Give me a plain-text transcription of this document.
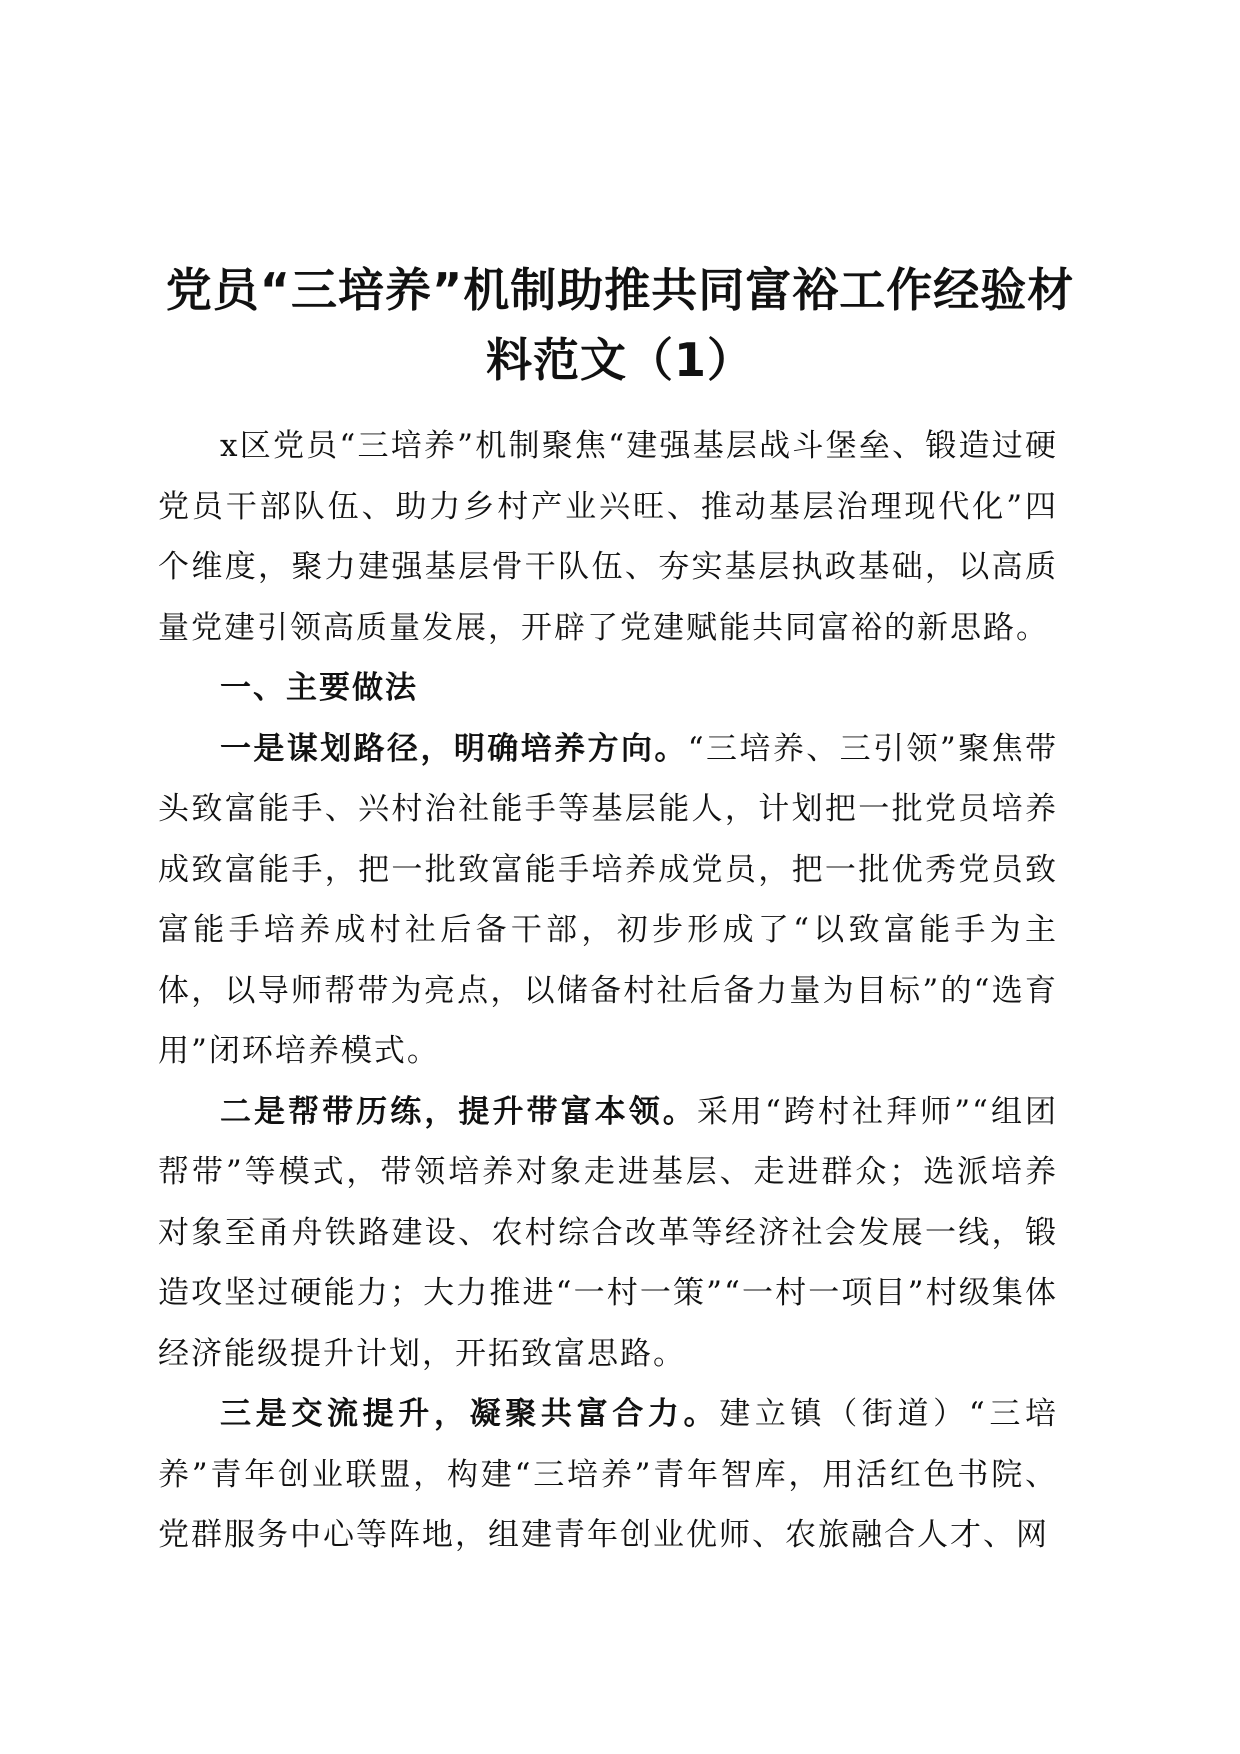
党员“三培养”机制助推共同富裕工作经验材料范文（1）

x区党员“三培养”机制聚焦“建强基层战斗堡垒、锻造过硬党员干部队伍、助力乡村产业兴旺、推动基层治理现代化”四个维度，聚力建强基层骨干队伍、夯实基层执政基础，以高质量党建引领高质量发展，开辟了党建赋能共同富裕的新思路。

一、主要做法

一是谋划路径，明确培养方向。“三培养、三引领”聚焦带头致富能手、兴村治社能手等基层能人，计划把一批党员培养成致富能手，把一批致富能手培养成党员，把一批优秀党员致富能手培养成村社后备干部，初步形成了“以致富能手为主体，以导师帮带为亮点，以储备村社后备力量为目标”的“选育用”闭环培养模式。

二是帮带历练，提升带富本领。采用“跨村社拜师”“组团帮带”等模式，带领培养对象走进基层、走进群众；选派培养对象至甬舟铁路建设、农村综合改革等经济社会发展一线，锻造攻坚过硬能力；大力推进“一村一策”“一村一项目”村级集体经济能级提升计划，开拓致富思路。

三是交流提升，凝聚共富合力。建立镇（街道）“三培养”青年创业联盟，构建“三培养”青年智库，用活红色书院、党群服务中心等阵地，组建青年创业优师、农旅融合人才、网
